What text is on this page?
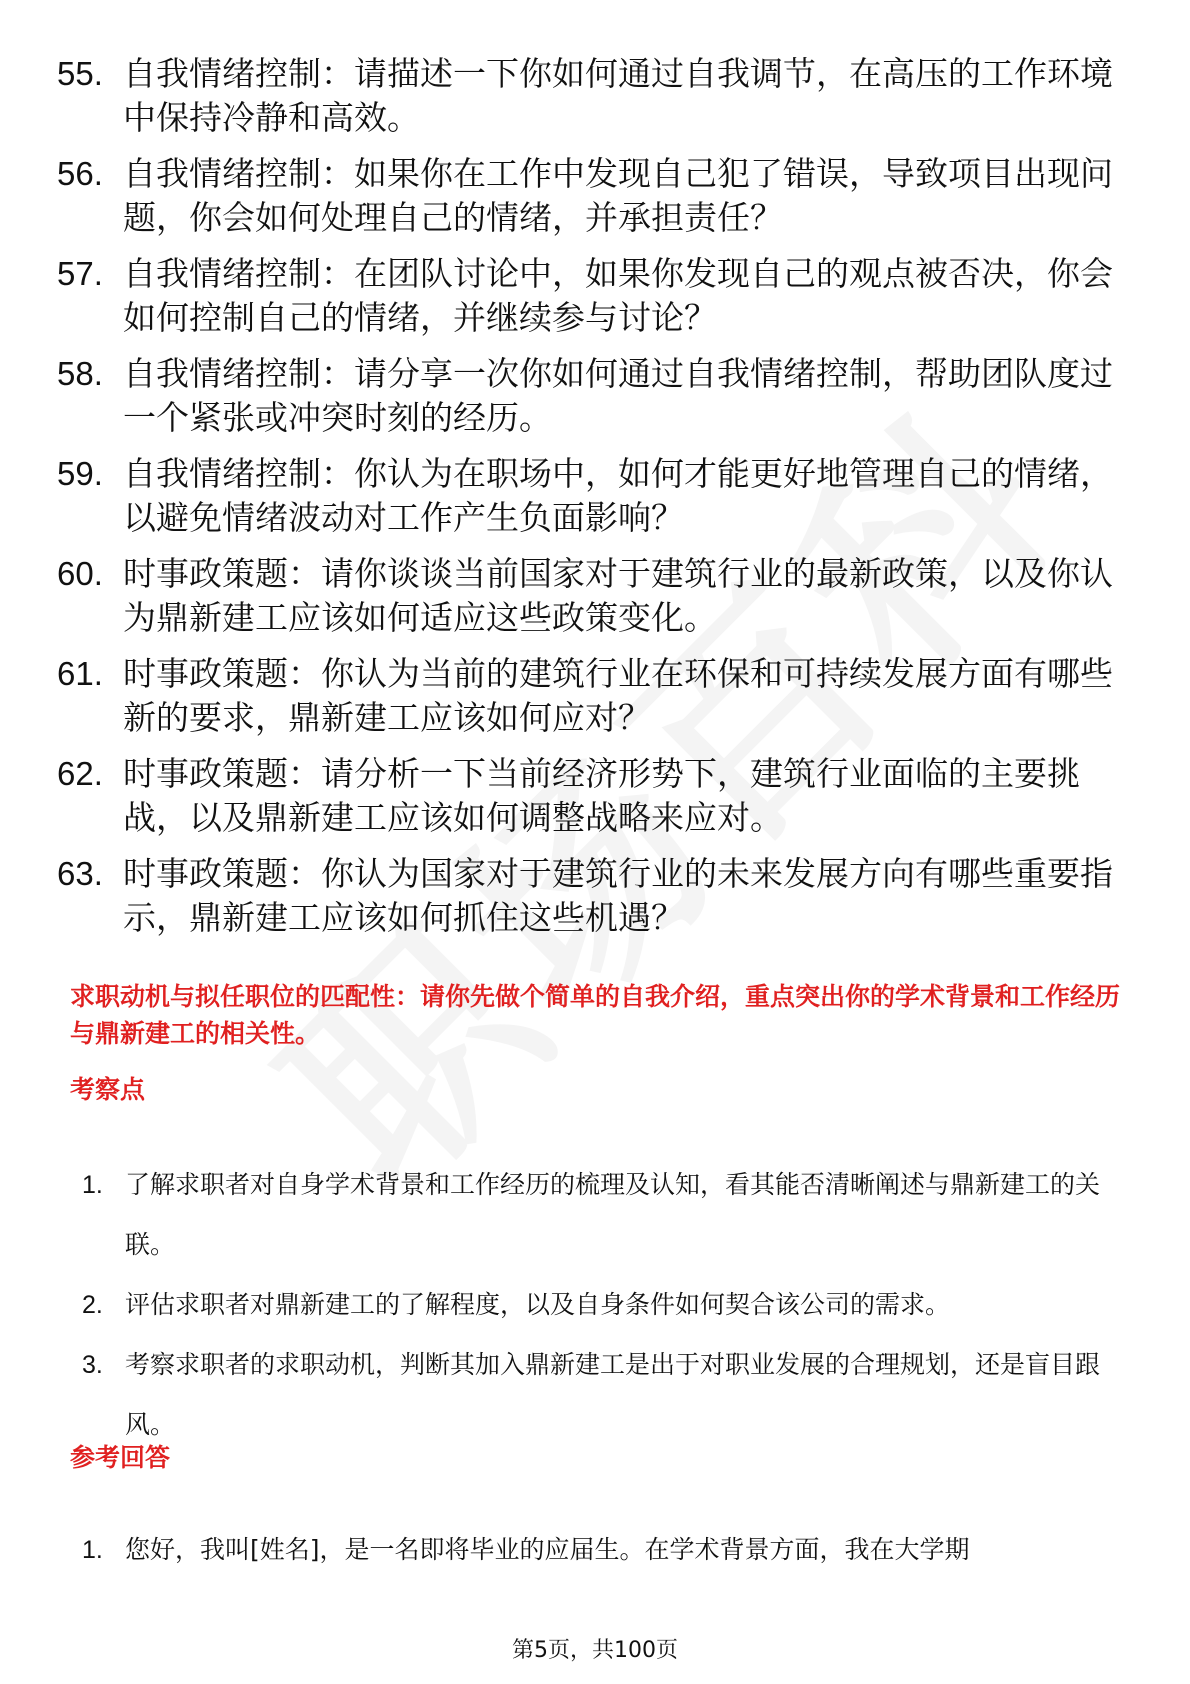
55. 自我情绪控制：请描述一下你如何通过自我调节，在高压的工作环境中保持冷静和高效。
56. 自我情绪控制：如果你在工作中发现自己犯了错误，导致项目出现问题，你会如何处理自己的情绪，并承担责任？
57. 自我情绪控制：在团队讨论中，如果你发现自己的观点被否决，你会如何控制自己的情绪，并继续参与讨论？
58. 自我情绪控制：请分享一次你如何通过自我情绪控制，帮助团队度过一个紧张或冲突时刻的经历。
59. 自我情绪控制：你认为在职场中，如何才能更好地管理自己的情绪，以避免情绪波动对工作产生负面影响？
60. 时事政策题：请你谈谈当前国家对于建筑行业的最新政策，以及你认为鼎新建工应该如何适应这些政策变化。
61. 时事政策题：你认为当前的建筑行业在环保和可持续发展方面有哪些新的要求，鼎新建工应该如何应对？
62. 时事政策题：请分析一下当前经济形势下，建筑行业面临的主要挑战，以及鼎新建工应该如何调整战略来应对。
63. 时事政策题：你认为国家对于建筑行业的未来发展方向有哪些重要指示，鼎新建工应该如何抓住这些机遇？

求职动机与拟任职位的匹配性：请你先做个简单的自我介绍，重点突出你的学术背景和工作经历与鼎新建工的相关性。

考察点
1. 了解求职者对自身学术背景和工作经历的梳理及认知，看其能否清晰阐述与鼎新建工的关联。
2. 评估求职者对鼎新建工的了解程度，以及自身条件如何契合该公司的需求。
3. 考察求职者的求职动机，判断其加入鼎新建工是出于对职业发展的合理规划，还是盲目跟风。
参考回答
1. 您好，我叫[姓名]，是一名即将毕业的应届生。在学术背景方面，我在大学期
第5页，共100页
